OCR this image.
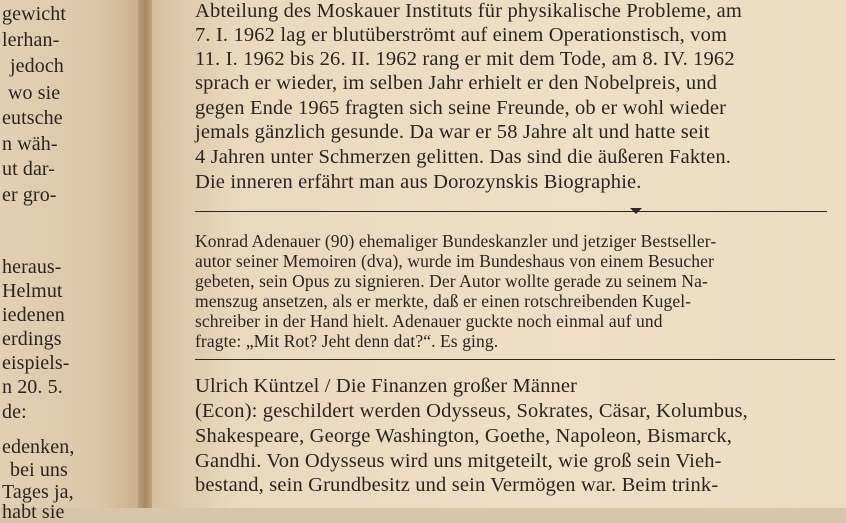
gewicht
lerhan-
jedoch
wo sie
eutsche
n wäh-
ut dar-
er gro-
heraus-
Helmut
iedenen
erdings
eispiels-
n 20. 5.
de:
edenken,
bei uns
Tages ja,
habt sie
Abteilung des Moskauer Instituts für physikalische Probleme, am
7. I. 1962 lag er blutüberströmt auf einem Operationstisch, vom
11. I. 1962 bis 26. II. 1962 rang er mit dem Tode, am 8. IV. 1962
sprach er wieder, im selben Jahr erhielt er den Nobelpreis, und
gegen Ende 1965 fragten sich seine Freunde, ob er wohl wieder
jemals gänzlich gesunde. Da war er 58 Jahre alt und hatte seit
4 Jahren unter Schmerzen gelitten. Das sind die äußeren Fakten.
Die inneren erfährt man aus Dorozynskis Biographie.
Konrad Adenauer (90) ehemaliger Bundeskanzler und jetziger Bestseller-
autor seiner Memoiren (dva), wurde im Bundeshaus von einem Besucher
gebeten, sein Opus zu signieren. Der Autor wollte gerade zu seinem Na-
menszug ansetzen, als er merkte, daß er einen rotschreibenden Kugel-
schreiber in der Hand hielt. Adenauer guckte noch einmal auf und
fragte: „Mit Rot? Jeht denn dat?“. Es ging.
Ulrich Küntzel / Die Finanzen großer Männer
(Econ): geschildert werden Odysseus, Sokrates, Cäsar, Kolumbus,
Shakespeare, George Washington, Goethe, Napoleon, Bismarck,
Gandhi. Von Odysseus wird uns mitgeteilt, wie groß sein Vieh-
bestand, sein Grundbesitz und sein Vermögen war. Beim trink-
